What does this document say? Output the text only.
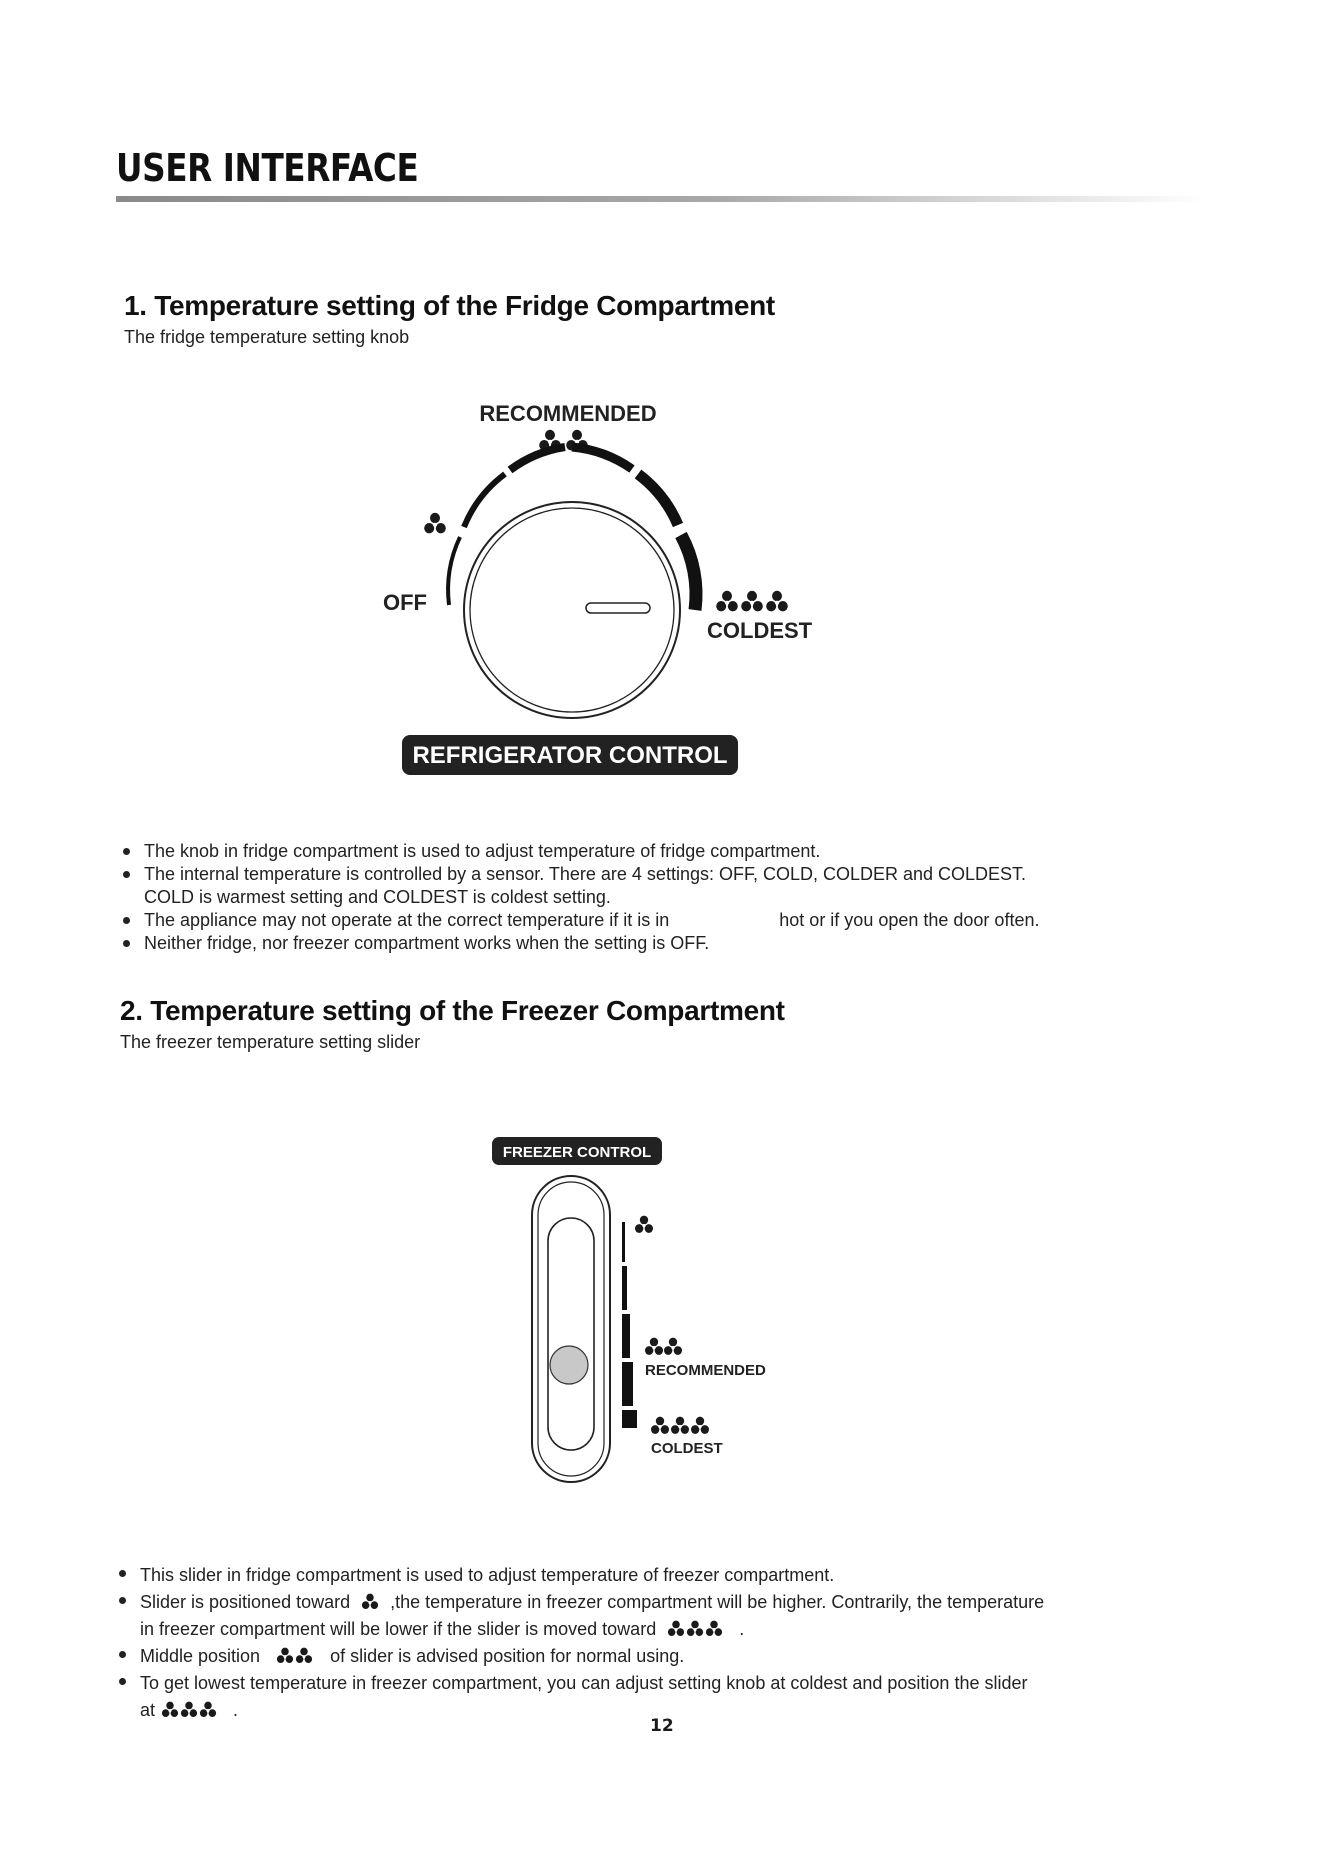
USER INTERFACE
1. Temperature setting of the Fridge Compartment
The fridge temperature setting knob
RECOMMENDED
OFF
COLDEST
REFRIGERATOR CONTROL
The knob in fridge compartment is used to adjust temperature of fridge compartment.
The internal temperature is controlled by a sensor. There are 4 settings: OFF, COLD, COLDER and COLDEST. COLD is warmest setting and COLDEST is coldest setting.
The appliance may not operate at the correct temperature if it is in	hot or if you open the door often.
Neither fridge, nor freezer compartment works when the setting is OFF.
2. Temperature setting of the Freezer Compartment
The freezer temperature setting slider
FREEZER CONTROL
RECOMMENDED
COLDEST
This slider in fridge compartment is used to adjust temperature of freezer compartment.
Slider is positioned toward ,the temperature in freezer compartment will be higher. Contrarily, the temperature in freezer compartment will be lower if the slider is moved toward	.
Middle position	of slider is advised position for normal using.
To get lowest temperature in freezer compartment, you can adjust setting knob at coldest and position the slider at	.
12
